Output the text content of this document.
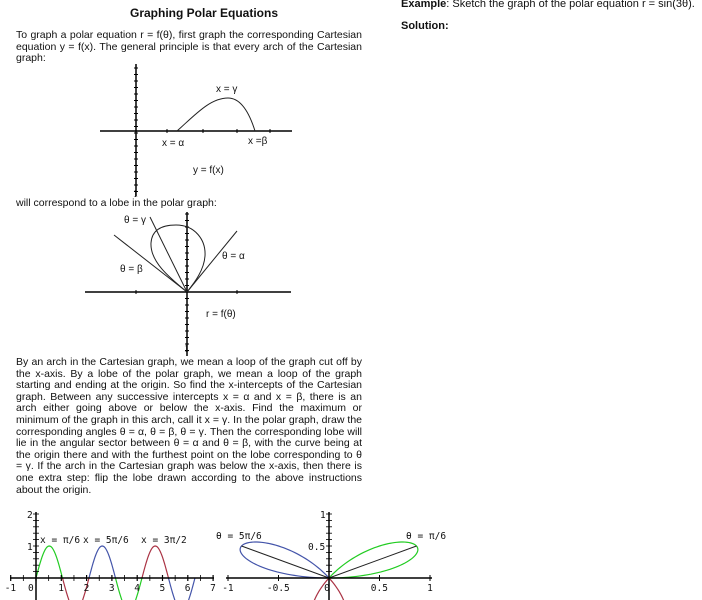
Graphing Polar Equations
To graph a polar equation r = f(θ), first graph the corresponding Cartesian equation y = f(x). The general principle is that every arch of the Cartesian graph:
will correspond to a lobe in the polar graph:
By an arch in the Cartesian graph, we mean a loop of the graph cut off by the x-axis. By a lobe of the polar graph, we mean a loop of the graph starting and ending at the origin. So find the x-intercepts of the Cartesian graph. Between any successive intercepts x = α and x = β, there is an arch either going above or below the x-axis. Find the maximum or minimum of the graph in this arch, call it x = γ. In the polar graph, draw the corresponding angles θ = α, θ = β, θ = γ. Then the corresponding lobe will lie in the angular sector between θ = α and θ = β, with the curve being at the origin there and with the furthest point on the lobe corresponding to θ = γ. If the arch in the Cartesian graph was below the x-axis, then there is one extra step: flip the lobe drawn according to the above instructions about the origin.
Example: Sketch the graph of the polar equation r = sin(3θ).
Solution:
x = γ
x = α	x =β
y = f(x)
1
θ = γ
θ = β
θ = α
r = f(θ)
1
-1 0	1 2 3 4 5 6 7
1
2
x = π/6 x = 5π/6 x = 3π/2
-1	-0.5	0	0.5	1
0.5
1
θ = 5π/6	θ = π/6
